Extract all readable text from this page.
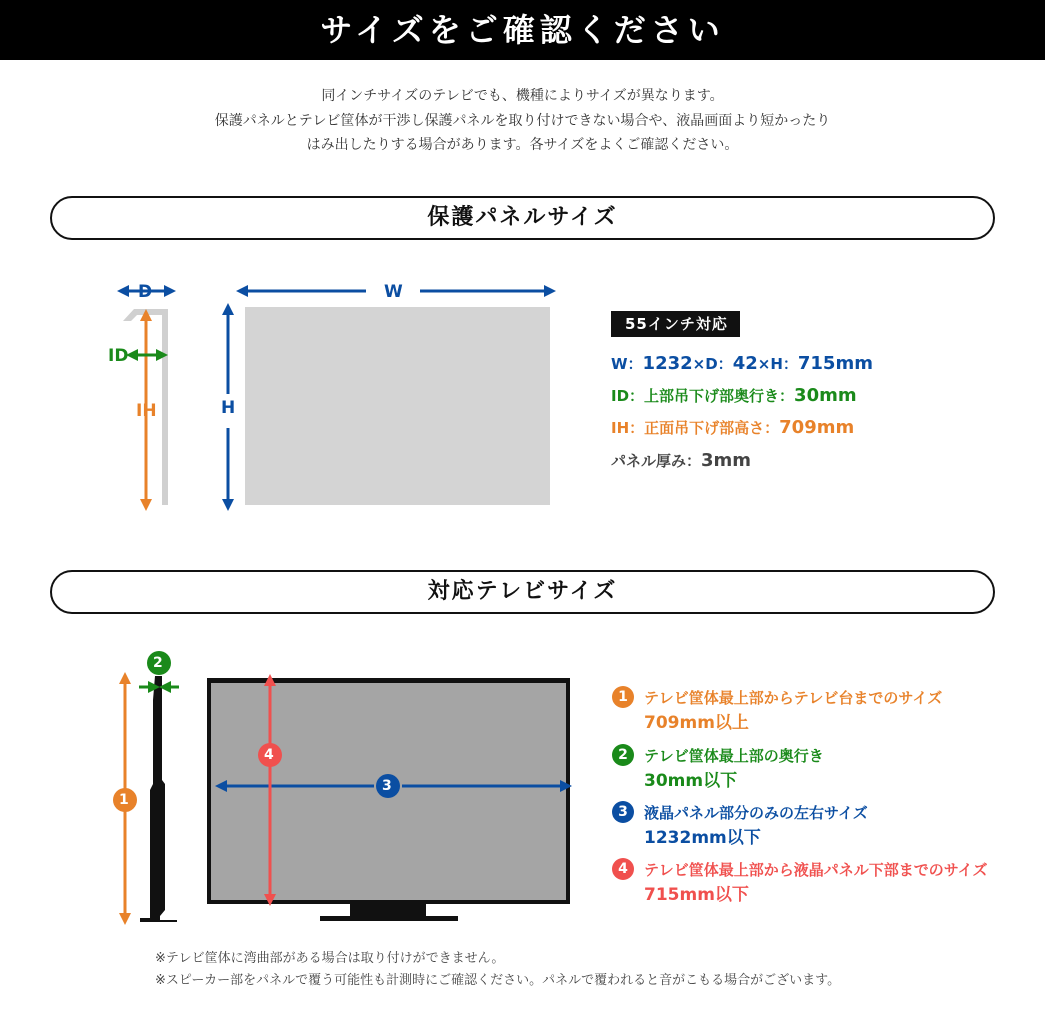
サイズをご確認ください
同インチサイズのテレビでも、機種によりサイズが異なります。
保護パネルとテレビ筐体が干渉し保護パネルを取り付けできない場合や、液晶画面より短かったり
はみ出したりする場合があります。各サイズをよくご確認ください。
保護パネルサイズ
D	W
ID
IH	H
1
2
3
4
55インチ対応
W：1232×D：42×H：715mm
ID：上部吊下げ部奥行き：30mm
IH：正面吊下げ部高さ：709mm
パネル厚み：3mm
対応テレビサイズ
1	テレビ筐体最上部からテレビ台までのサイズ
709mm以上
2	テレビ筐体最上部の奥行き
30mm以下
3	液晶パネル部分のみの左右サイズ
1232mm以下
4	テレビ筐体最上部から液晶パネル下部までのサイズ
715mm以下
※テレビ筐体に湾曲部がある場合は取り付けができません。
※スピーカー部をパネルで覆う可能性も計測時にご確認ください。パネルで覆われると音がこもる場合がございます。
